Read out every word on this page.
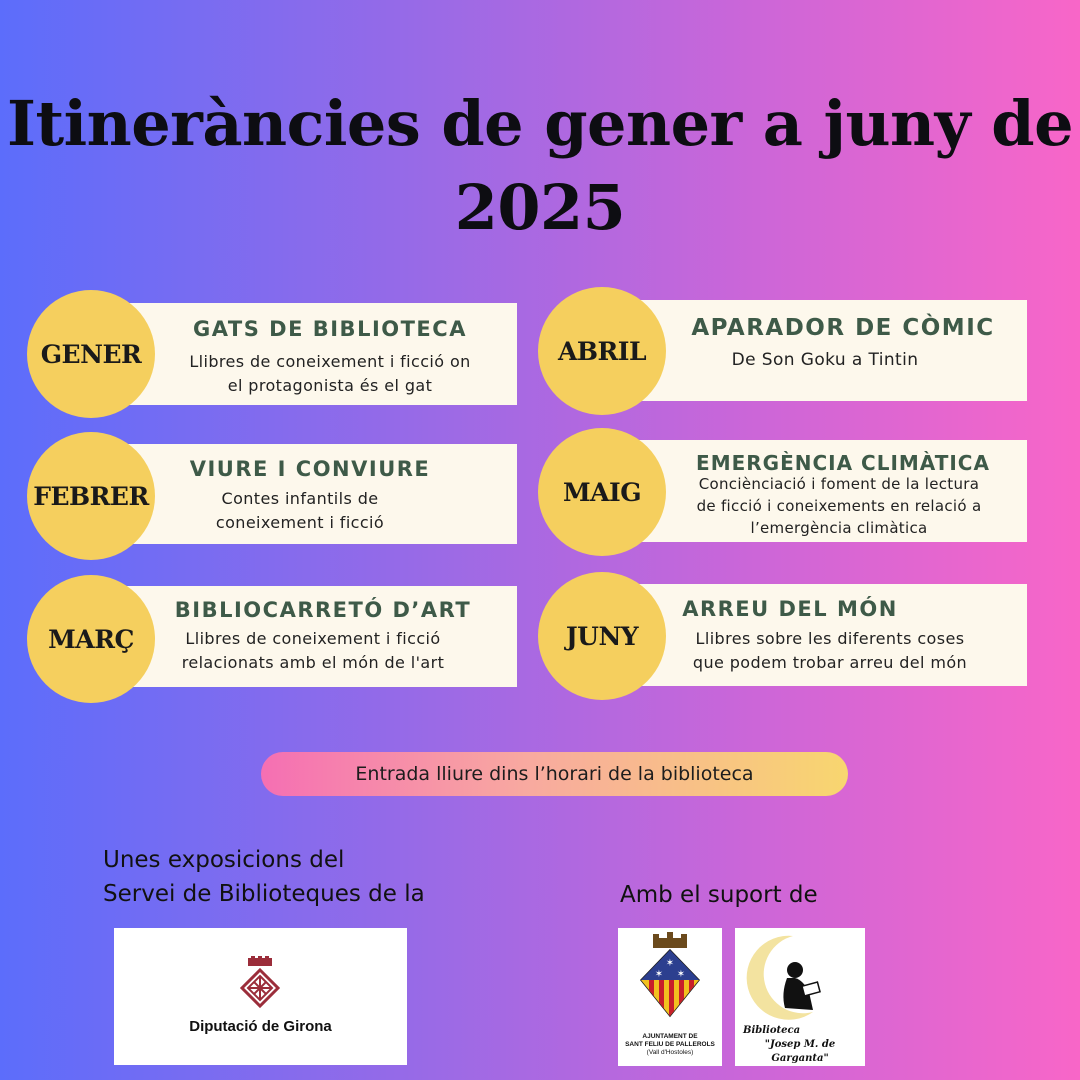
Itineràncies de gener a juny de 2025
GENER
GATS DE BIBLIOTECA
Llibres de coneixement i ficció on
el protagonista és el gat
FEBRER
VIURE I CONVIURE
Contes infantils de
coneixement i ficció
MARÇ
BIBLIOCARRETÓ D’ART
Llibres de coneixement i ficció
relacionats amb el món de l'art
ABRIL
APARADOR DE CÒMIC
De Son Goku a Tintin
MAIG
EMERGÈNCIA CLIMÀTICA
Conciènciació i foment de la lectura
de ficció i coneixements en relació a
l’emergència climàtica
JUNY
ARREU DEL MÓN
Llibres sobre les diferents coses
que podem trobar arreu del món
Entrada lliure dins l’horari de la biblioteca
Unes exposicions del
Servei de Biblioteques de la
Diputació de Girona
Amb el suport de
✶
✶ ✶
AJUNTAMENT DE
SANT FELIU DE PALLEROLS
(Vall d'Hostoles)
Biblioteca
"Josep M. de Garganta"
